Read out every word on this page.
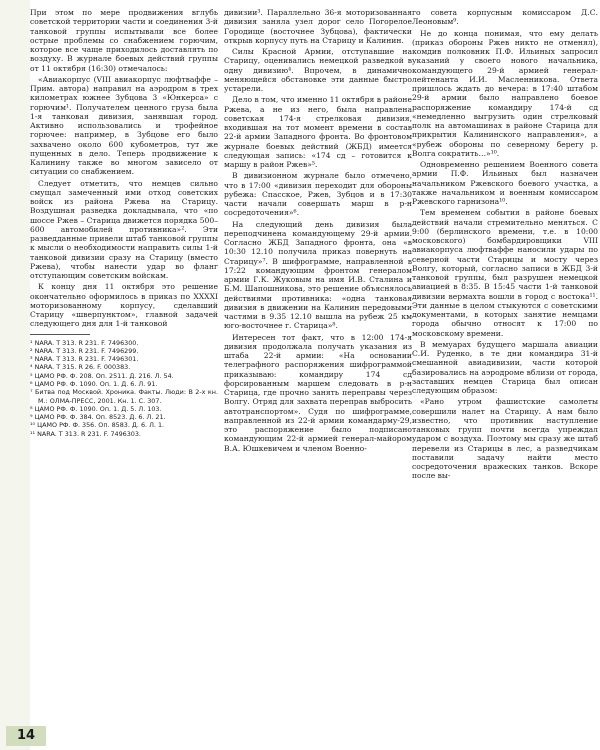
При этом по мере продвижения вглубь советской территории части и соединения 3-й танковой группы испытывали все более острые проблемы со снабжением горючим, которое все чаще приходилось доставлять по воздуху. В журнале боевых действий группы от 11 октября (16:30) отмечалось:

«Авиакорпус (VIII авиакорпус люфтваффе – Прим. автора) направил на аэродром в трех километрах южнее Зубцова 3 «Юнкерса» с горючим¹. Получателем ценного груза была 1-я танковая дивизия, занявшая город. Активно использовались и трофейное горючее: например, в Зубцове его было захвачено около 600 кубометров, тут же пущенных в дело. Теперь продвижение к Калинину также во многом зависело от ситуации со снабжением.

Следует отметить, что немцев сильно смущал замеченный ими отход советских войск из района Ржева на Старицу. Воздушная разведка докладывала, что «по шоссе Ржев – Старица движется порядка 500–600 автомобилей противника»². Эти разведданные привели штаб танковой группы к мысли о необходимости направить силы 1-й танковой дивизии сразу на Старицу (вместо Ржева), чтобы нанести удар во фланг отступающим советским войскам.

К концу дня 11 октября это решение окончательно оформилось в приказ по XXXXI моторизованному корпусу, сделавший Старицу «шверпунктом», главной задачей следующего дня для 1-й танковой

¹ NARA. T 313. R 231. F. 7496300.
² NARA. T 313. R 231. F. 7496299.
³ NARA. T 313. R 231. F. 7496301.
⁴ NARA. T 315. R 26. F. 000383.
⁵ ЦАМО РФ. Ф. 208. Оп. 2511. Д. 216. Л. 54.
⁶ ЦАМО РФ. Ф. 1090. Оп. 1. Д. 6. Л. 91.
⁷ Битва под Москвой. Хроника. Факты. Люди: В 2-х кн. М.: ОЛМА-ПРЕСС, 2001. Кн. 1. С. 307.
⁸ ЦАМО РФ. Ф. 1090. Оп. 1. Д. 5. Л. 103.
⁹ ЦАМО РФ. Ф. 384. Оп. 8523. Д. 6. Л. 21.
¹⁰ ЦАМО РФ. Ф. 356. Оп. 8583. Д. 6. Л. 1.
¹¹ NARA. T 313. R 231. F. 7496303.

дивизии³. Параллельно 36-я моторизованная дивизия заняла узел дорог село Погорелое Городище (восточнее Зубцова), фактически открыв корпусу путь на Старицу и Калинин.

Силы Красной Армии, отступавшие на Старицу, оценивались немецкой разведкой в одну дивизию⁴. Впрочем, в динамично меняющейся обстановке эти данные быстро устарели.

Дело в том, что именно 11 октября в районе Ржева, а не из него, была направлена советская 174-я стрелковая дивизия, входившая на тот момент времени в состав 22-й армии Западного фронта. Во фронтовом журнале боевых действий (ЖБД) имеется следующая запись: «174 сд – готовится к маршу в район Ржев»⁵.

В дивизионном журнале было отмечено, что в 17:00 «дивизия переходит для обороны рубежа: Спасское, Ржев, Зубцов и в 17:30 части начали совершать марш в р-н сосредоточения»⁶.

На следующий день дивизия была переподчинена командующему 29-й армии. Согласно ЖБД Западного фронта, она «в 10:30 12.10 получила приказ повернуть на Старицу»⁷. В шифрограмме, направленной в 17:22 командующим фронтом генералом армии Г.К. Жуковым на имя И.В. Сталина и Б.М. Шапошникова, это решение объяснялось действиями противника: «одна танковая дивизия в движении на Калинин передовыми частями в 9.35 12.10 вышла на рубеж 25 км юго-восточнее г. Старица»⁸.

Интересен тот факт, что в 12:00 174-я дивизия продолжала получать указания из штаба 22-й армии: «На основании телеграфного распоряжения шифрограммой приказываю: командиру 174 сд форсированным маршем следовать в р-н Старица, где прочно занять переправы через Волгу. Отряд для захвата переправ выбросить автотранспортом». Судя по шифрограмме, направленной из 22-й армии командарму-29, это распоряжение было подписано командующим 22-й армией генерал-майором В.А. Юшкевичем и членом Военно-

го совета корпусным комиссаром Д.С. Леоновым⁹.

Не до конца понимая, что ему делать (приказ обороны Ржев никто не отменял), комдив полковник П.Ф. Ильиных запросил указаний у своего нового начальника, командующего 29-й армией генерал-лейтенанта И.И. Масленникова. Ответа пришлось ждать до вечера: в 17:40 штабом 29-й армии было направлено боевое распоряжение командиру 174-й сд «немедленно выгрузить один стрелковый полк на автомашинах в районе Старица для прикрытия Калининского направления», а «рубеж обороны по северному берегу р. Волга сократить…»¹⁰.

Одновременно решением Военного совета армии П.Ф. Ильиных был назначен начальником Ржевского боевого участка, а также начальником и военным комиссаром Ржевского гарнизона¹⁰.

Тем временем события в районе боевых действий начали стремительно меняться. С 9:00 (берлинского времени, т.е. в 10:00 московского) бомбардировщики VIII авиакорпуса люфтваффе наносили удары по северной части Старицы и мосту через Волгу, который, согласно записи в ЖБД 3-й танковой группы, был разрушен немецкой авиацией в 8:35. В 15:45 части 1-й танковой дивизии вермахта вошли в город с востока¹¹. Эти данные в целом стыкуются с советскими документами, в которых занятие немцами города обычно относят к 17:00 по московскому времени.

В мемуарах будущего маршала авиации С.И. Руденко, в те дни командира 31-й смешанной авиадивизии, части которой базировались на аэродроме вблизи от города, заставших немцев Старица был описан следующим образом:

«Рано утром фашистские самолеты совершили налет на Старицу. А нам было известно, что противник наступление танковых групп почти всегда упреждал ударом с воздуха. Поэтому мы сразу же штаб перевели из Старицы в лес, а разведчикам поставили задачу найти место сосредоточения вражеских танков. Вскоре после вы-

14
